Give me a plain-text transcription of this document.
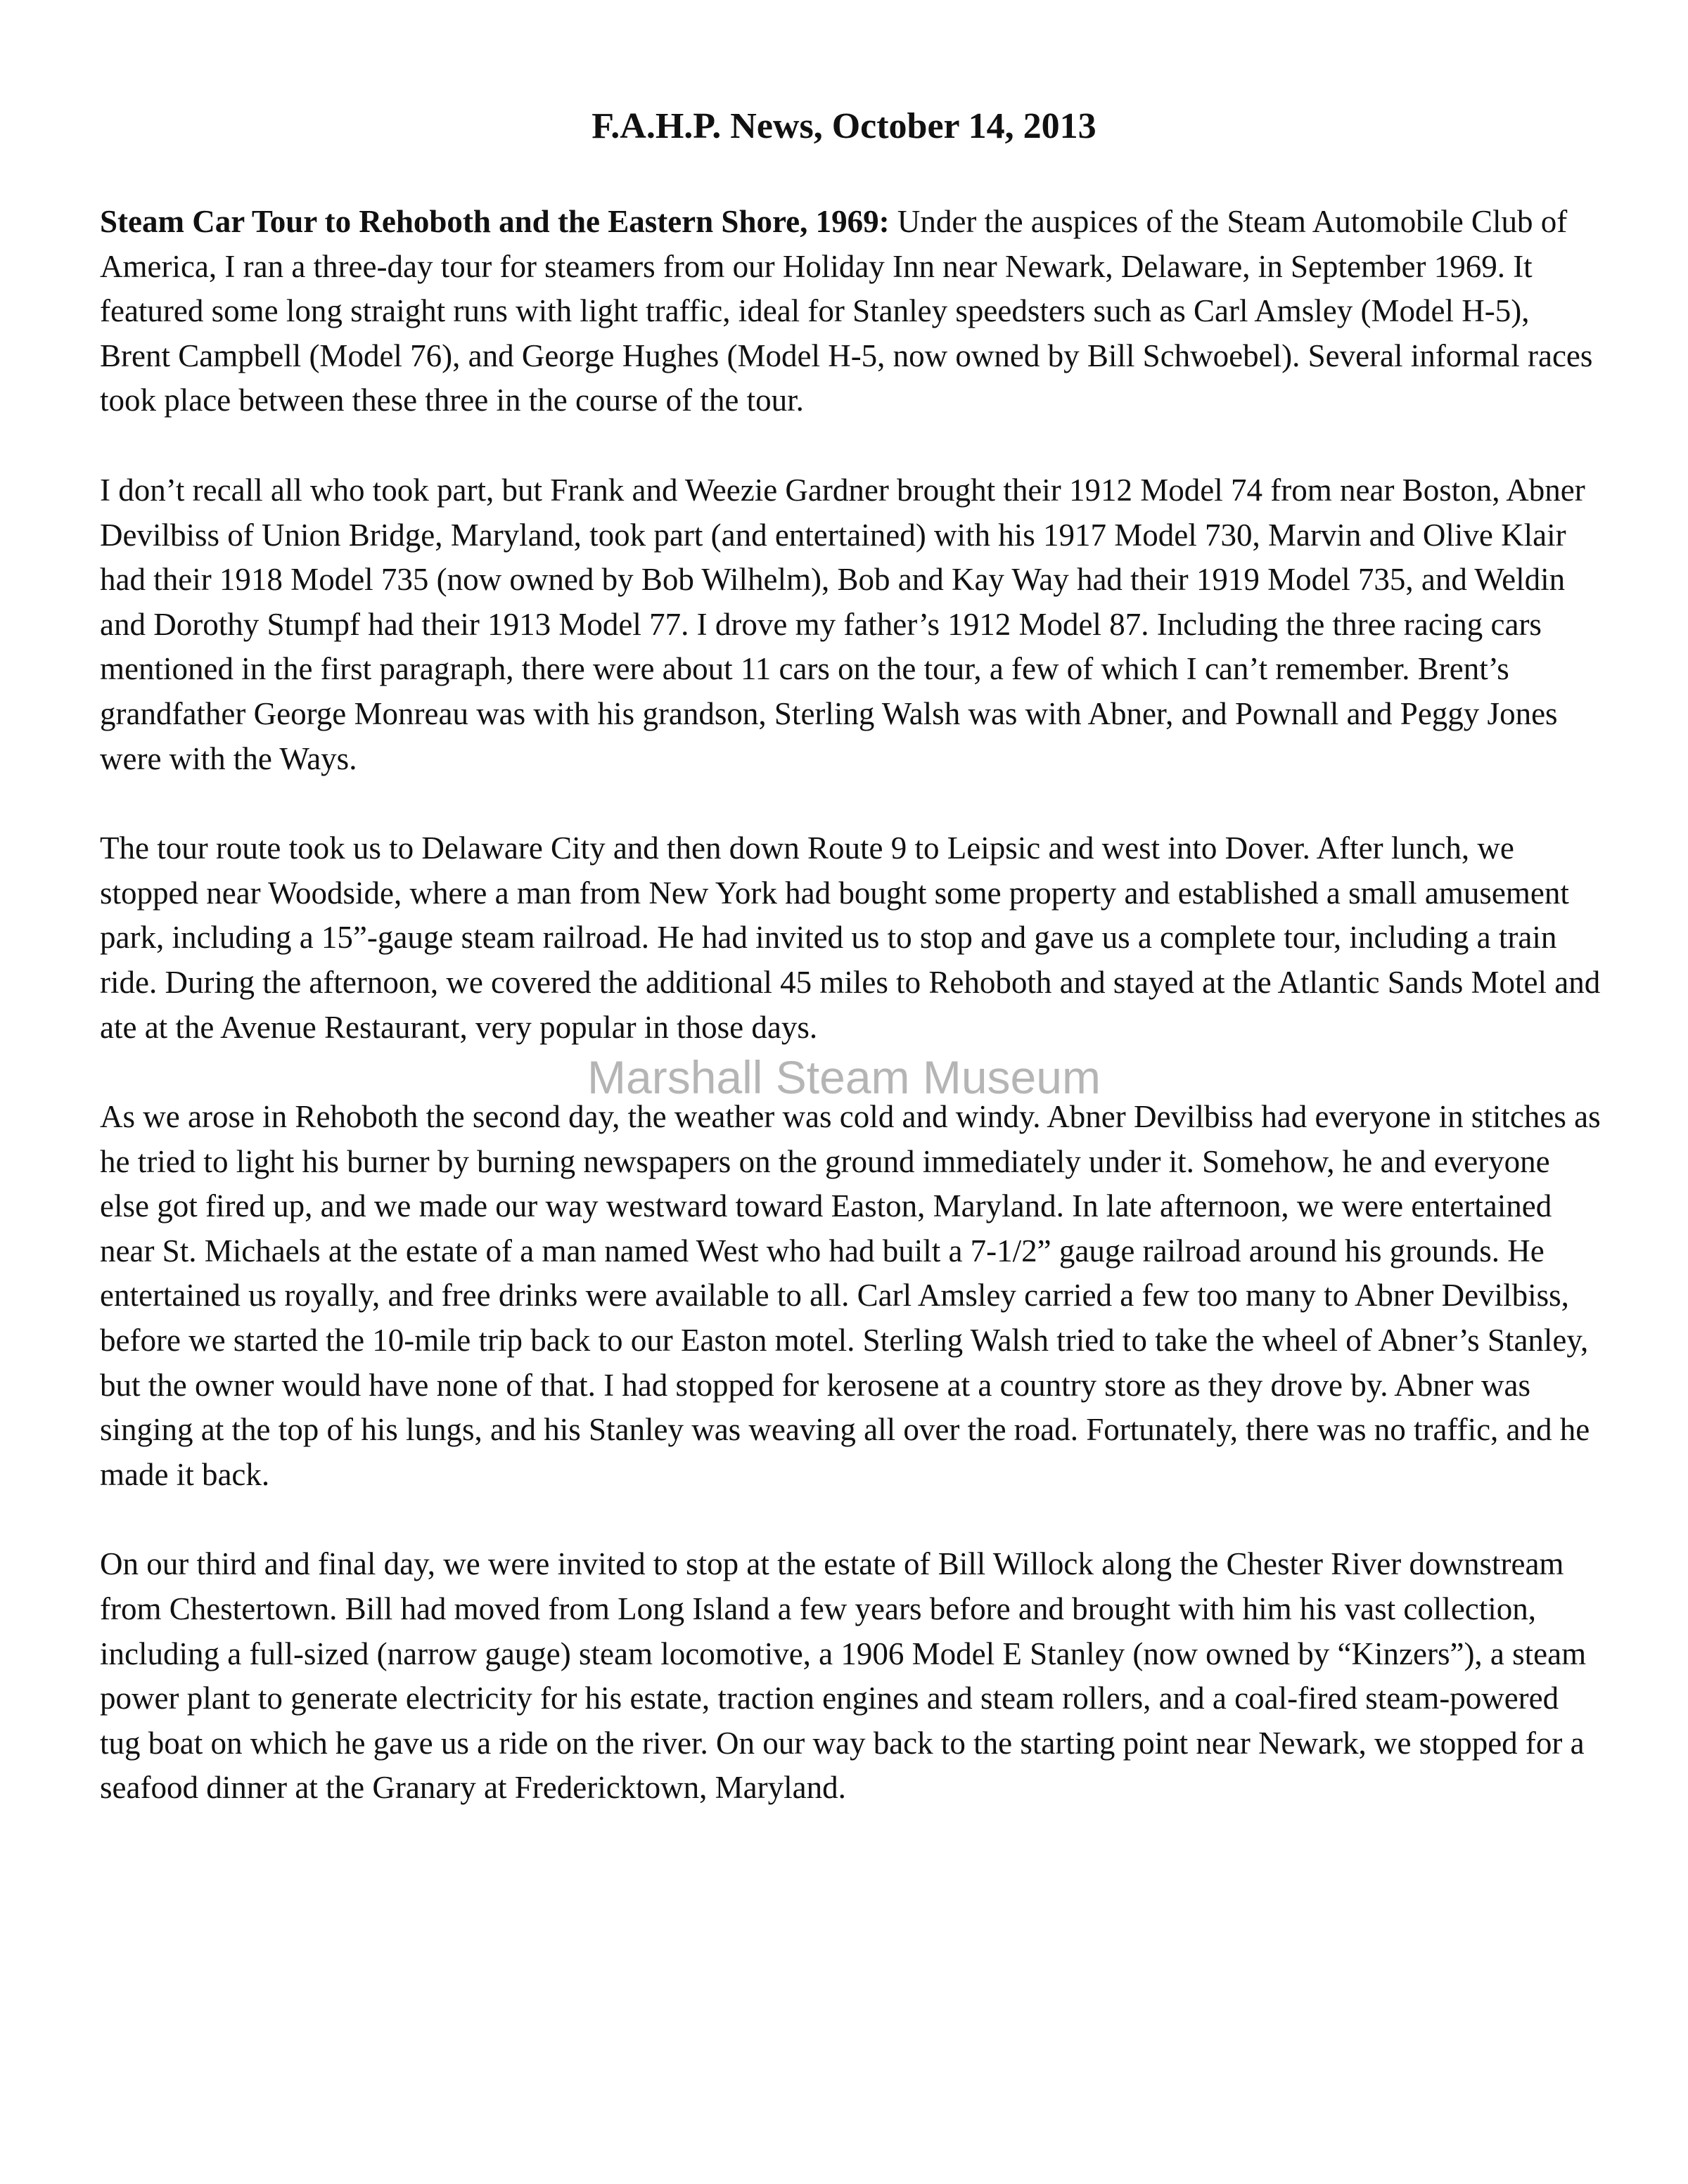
F.A.H.P. News, October 14, 2013

Steam Car Tour to Rehoboth and the Eastern Shore, 1969: Under the auspices of the Steam Automobile Club of America, I ran a three-day tour for steamers from our Holiday Inn near Newark, Delaware, in September 1969. It featured some long straight runs with light traffic, ideal for Stanley speedsters such as Carl Amsley (Model H-5), Brent Campbell (Model 76), and George Hughes (Model H-5, now owned by Bill Schwoebel). Several informal races took place between these three in the course of the tour.

I don’t recall all who took part, but Frank and Weezie Gardner brought their 1912 Model 74 from near Boston, Abner Devilbiss of Union Bridge, Maryland, took part (and entertained) with his 1917 Model 730, Marvin and Olive Klair had their 1918 Model 735 (now owned by Bob Wilhelm), Bob and Kay Way had their 1919 Model 735, and Weldin and Dorothy Stumpf had their 1913 Model 77. I drove my father’s 1912 Model 87. Including the three racing cars mentioned in the first paragraph, there were about 11 cars on the tour, a few of which I can’t remember. Brent’s grandfather George Monreau was with his grandson, Sterling Walsh was with Abner, and Pownall and Peggy Jones were with the Ways.

The tour route took us to Delaware City and then down Route 9 to Leipsic and west into Dover. After lunch, we stopped near Woodside, where a man from New York had bought some property and established a small amusement park, including a 15”-gauge steam railroad. He had invited us to stop and gave us a complete tour, including a train ride. During the afternoon, we covered the additional 45 miles to Rehoboth and stayed at the Atlantic Sands Motel and ate at the Avenue Restaurant, very popular in those days.

As we arose in Rehoboth the second day, the weather was cold and windy. Abner Devilbiss had everyone in stitches as he tried to light his burner by burning newspapers on the ground immediately under it. Somehow, he and everyone else got fired up, and we made our way westward toward Easton, Maryland. In late afternoon, we were entertained near St. Michaels at the estate of a man named West who had built a 7-1/2” gauge railroad around his grounds. He entertained us royally, and free drinks were available to all. Carl Amsley carried a few too many to Abner Devilbiss, before we started the 10-mile trip back to our Easton motel. Sterling Walsh tried to take the wheel of Abner’s Stanley, but the owner would have none of that. I had stopped for kerosene at a country store as they drove by. Abner was singing at the top of his lungs, and his Stanley was weaving all over the road. Fortunately, there was no traffic, and he made it back.

On our third and final day, we were invited to stop at the estate of Bill Willock along the Chester River downstream from Chestertown. Bill had moved from Long Island a few years before and brought with him his vast collection, including a full-sized (narrow gauge) steam locomotive, a 1906 Model E Stanley (now owned by “Kinzers”), a steam power plant to generate electricity for his estate, traction engines and steam rollers, and a coal-fired steam-powered tug boat on which he gave us a ride on the river. On our way back to the starting point near Newark, we stopped for a seafood dinner at the Granary at Fredericktown, Maryland.

Marshall Steam Museum
